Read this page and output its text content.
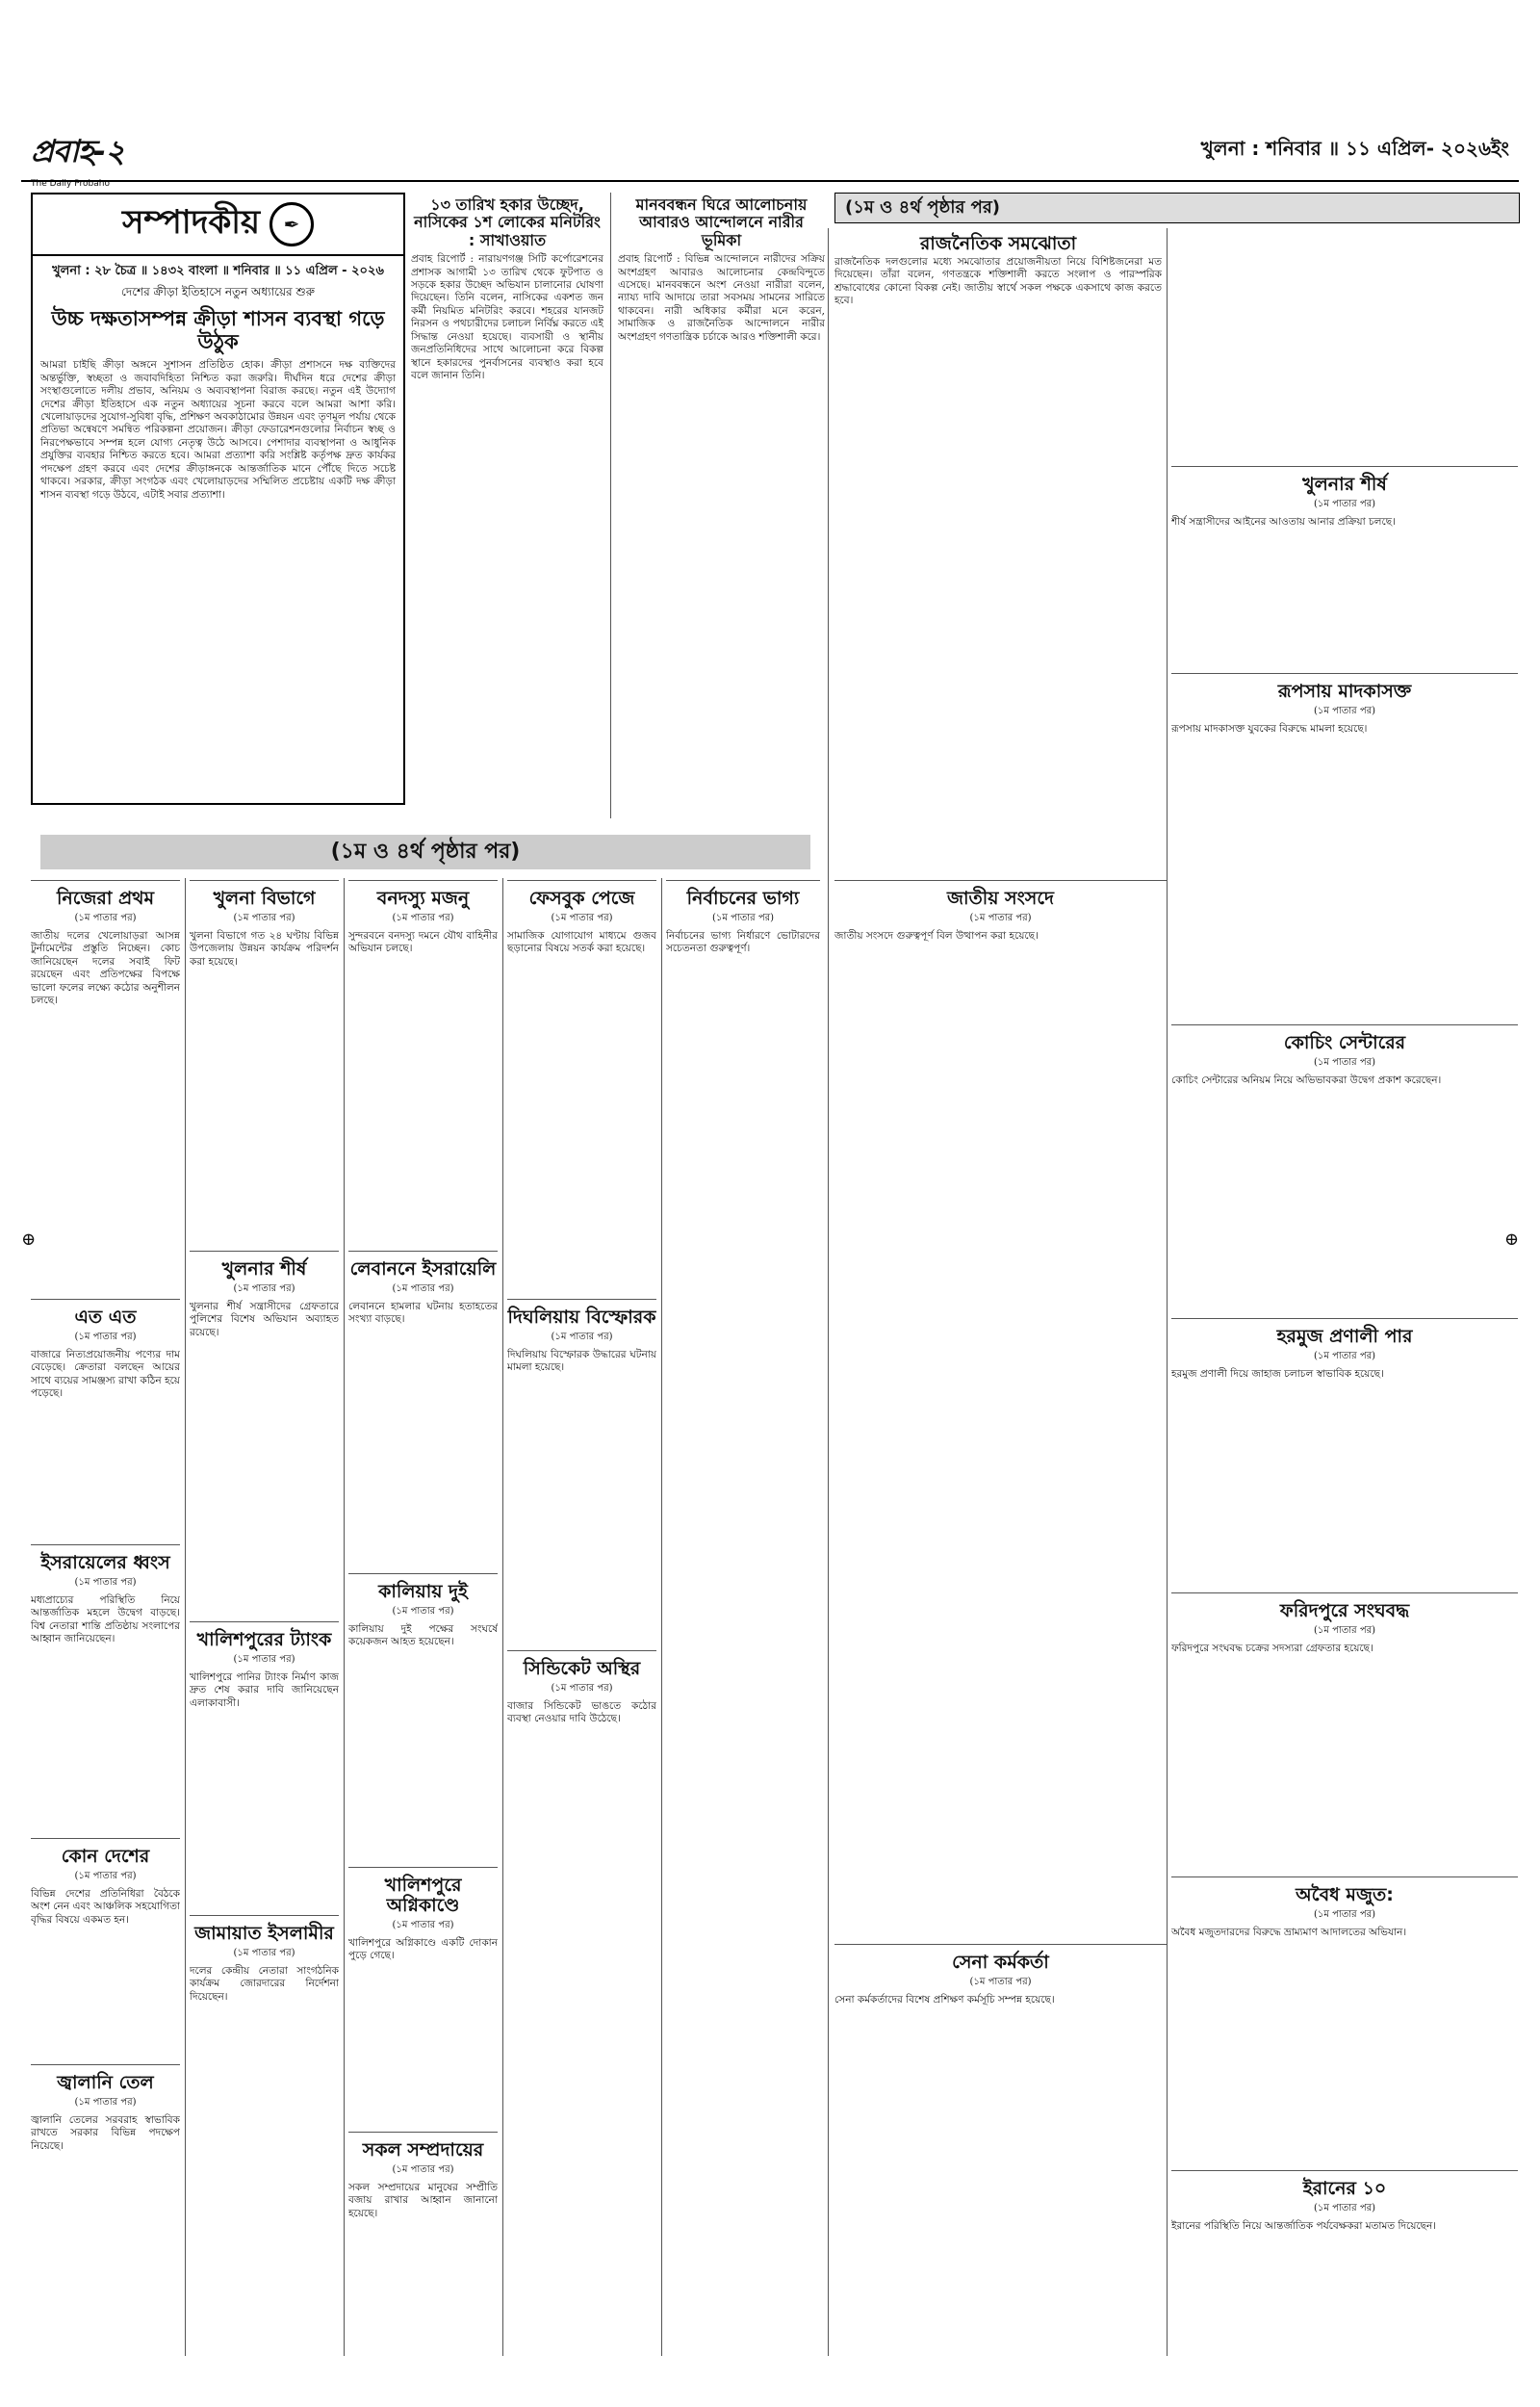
প্রবাহ-২
The Daily Probaho
খুলনা : শনিবার ॥ ১১ এপ্রিল- ২০২৬ইং
সম্পাদকীয়	✒
খুলনা : ২৮ চৈত্র ॥ ১৪৩২ বাংলা ॥ শনিবার ॥ ১১ এপ্রিল - ২০২৬
দেশের ক্রীড়া ইতিহাসে নতুন অধ্যায়ের শুরু
উচ্চ দক্ষতাসম্পন্ন ক্রীড়া শাসন ব্যবস্থা গড়ে উঠুক
আমরা চাইছি ক্রীড়া অঙ্গনে সুশাসন প্রতিষ্ঠিত হোক। ক্রীড়া প্রশাসনে দক্ষ ব্যক্তিদের অন্তর্ভুক্তি, স্বচ্ছতা ও জবাবদিহিতা নিশ্চিত করা জরুরি। দীর্ঘদিন ধরে দেশের ক্রীড়া সংস্থাগুলোতে দলীয় প্রভাব, অনিয়ম ও অব্যবস্থাপনা বিরাজ করছে। নতুন এই উদ্যোগ দেশের ক্রীড়া ইতিহাসে এক নতুন অধ্যায়ের সূচনা করবে বলে আমরা আশা করি। খেলোয়াড়দের সুযোগ-সুবিধা বৃদ্ধি, প্রশিক্ষণ অবকাঠামোর উন্নয়ন এবং তৃণমূল পর্যায় থেকে প্রতিভা অন্বেষণে সমন্বিত পরিকল্পনা প্রয়োজন। ক্রীড়া ফেডারেশনগুলোর নির্বাচন স্বচ্ছ ও নিরপেক্ষভাবে সম্পন্ন হলে যোগ্য নেতৃত্ব উঠে আসবে। পেশাদার ব্যবস্থাপনা ও আধুনিক প্রযুক্তির ব্যবহার নিশ্চিত করতে হবে। আমরা প্রত্যাশা করি সংশ্লিষ্ট কর্তৃপক্ষ দ্রুত কার্যকর পদক্ষেপ গ্রহণ করবে এবং দেশের ক্রীড়াঙ্গনকে আন্তর্জাতিক মানে পৌঁছে দিতে সচেষ্ট থাকবে। সরকার, ক্রীড়া সংগঠক এবং খেলোয়াড়দের সম্মিলিত প্রচেষ্টায় একটি দক্ষ ক্রীড়া শাসন ব্যবস্থা গড়ে উঠবে, এটাই সবার প্রত্যাশা।
১৩ তারিখ হকার উচ্ছেদ, নাসিকের ১শ লোকের মনিটরিং : সাখাওয়াত
প্রবাহ রিপোর্ট : নারায়ণগঞ্জ সিটি কর্পোরেশনের প্রশাসক আগামী ১৩ তারিখ থেকে ফুটপাত ও সড়কে হকার উচ্ছেদ অভিযান চালানোর ঘোষণা দিয়েছেন। তিনি বলেন, নাসিকের একশত জন কর্মী নিয়মিত মনিটরিং করবে। শহরের যানজট নিরসন ও পথচারীদের চলাচল নির্বিঘ্ন করতে এই সিদ্ধান্ত নেওয়া হয়েছে। ব্যবসায়ী ও স্থানীয় জনপ্রতিনিধিদের সাথে আলোচনা করে বিকল্প স্থানে হকারদের পুনর্বাসনের ব্যবস্থাও করা হবে বলে জানান তিনি।
মানববন্ধন ঘিরে আলোচনায় আবারও আন্দোলনে নারীর ভূমিকা
প্রবাহ রিপোর্ট : বিভিন্ন আন্দোলনে নারীদের সক্রিয় অংশগ্রহণ আবারও আলোচনার কেন্দ্রবিন্দুতে এসেছে। মানববন্ধনে অংশ নেওয়া নারীরা বলেন, ন্যায্য দাবি আদায়ে তারা সবসময় সামনের সারিতে থাকবেন। নারী অধিকার কর্মীরা মনে করেন, সামাজিক ও রাজনৈতিক আন্দোলনে নারীর অংশগ্রহণ গণতান্ত্রিক চর্চাকে আরও শক্তিশালী করে।
(১ম ও ৪র্থ পৃষ্ঠার পর)
রাজনৈতিক সমঝোতা
রাজনৈতিক দলগুলোর মধ্যে সমঝোতার প্রয়োজনীয়তা নিয়ে বিশিষ্টজনেরা মত দিয়েছেন। তাঁরা বলেন, গণতন্ত্রকে শক্তিশালী করতে সংলাপ ও পারস্পরিক শ্রদ্ধাবোধের কোনো বিকল্প নেই। জাতীয় স্বার্থে সকল পক্ষকে একসাথে কাজ করতে হবে।
(১ম ও ৪র্থ পৃষ্ঠার পর)
⊕	⊕
নিজেরা প্রথম
(১ম পাতার পর)
জাতীয় দলের খেলোয়াড়রা আসন্ন টুর্নামেন্টের প্রস্তুতি নিচ্ছেন। কোচ জানিয়েছেন দলের সবাই ফিট রয়েছেন এবং প্রতিপক্ষের বিপক্ষে ভালো ফলের লক্ষ্যে কঠোর অনুশীলন চলছে।
এত এত
(১ম পাতার পর)
বাজারে নিত্যপ্রয়োজনীয় পণ্যের দাম বেড়েছে। ক্রেতারা বলছেন আয়ের সাথে ব্যয়ের সামঞ্জস্য রাখা কঠিন হয়ে পড়েছে।
ইসরায়েলের ধ্বংস
(১ম পাতার পর)
মধ্যপ্রাচ্যের পরিস্থিতি নিয়ে আন্তর্জাতিক মহলে উদ্বেগ বাড়ছে। বিশ্ব নেতারা শান্তি প্রতিষ্ঠায় সংলাপের আহ্বান জানিয়েছেন।
কোন দেশের
(১ম পাতার পর)
বিভিন্ন দেশের প্রতিনিধিরা বৈঠকে অংশ নেন এবং আঞ্চলিক সহযোগিতা বৃদ্ধির বিষয়ে একমত হন।
জ্বালানি তেল
(১ম পাতার পর)
জ্বালানি তেলের সরবরাহ স্বাভাবিক রাখতে সরকার বিভিন্ন পদক্ষেপ নিয়েছে।
খুলনা বিভাগে
(১ম পাতার পর)
খুলনা বিভাগে গত ২৪ ঘণ্টায় বিভিন্ন উপজেলায় উন্নয়ন কার্যক্রম পরিদর্শন করা হয়েছে।
খুলনার শীর্ষ
(১ম পাতার পর)
খুলনার শীর্ষ সন্ত্রাসীদের গ্রেফতারে পুলিশের বিশেষ অভিযান অব্যাহত রয়েছে।
খালিশপুরের ট্যাংক
(১ম পাতার পর)
খালিশপুরে পানির ট্যাংক নির্মাণ কাজ দ্রুত শেষ করার দাবি জানিয়েছেন এলাকাবাসী।
জামায়াত ইসলামীর
(১ম পাতার পর)
দলের কেন্দ্রীয় নেতারা সাংগঠনিক কার্যক্রম জোরদারের নির্দেশনা দিয়েছেন।
বনদস্যু মজনু
(১ম পাতার পর)
সুন্দরবনে বনদস্যু দমনে যৌথ বাহিনীর অভিযান চলছে।
লেবাননে ইসরায়েলি
(১ম পাতার পর)
লেবাননে হামলার ঘটনায় হতাহতের সংখ্যা বাড়ছে।
কালিয়ায় দুই
(১ম পাতার পর)
কালিয়ায় দুই পক্ষের সংঘর্ষে কয়েকজন আহত হয়েছেন।
খালিশপুরে অগ্নিকাণ্ডে
(১ম পাতার পর)
খালিশপুরে অগ্নিকাণ্ডে একটি দোকান পুড়ে গেছে।
সকল সম্প্রদায়ের
(১ম পাতার পর)
সকল সম্প্রদায়ের মানুষের সম্প্রীতি বজায় রাখার আহ্বান জানানো হয়েছে।
ফেসবুক পেজে
(১ম পাতার পর)
সামাজিক যোগাযোগ মাধ্যমে গুজব ছড়ানোর বিষয়ে সতর্ক করা হয়েছে।
দিঘলিয়ায় বিস্ফোরক
(১ম পাতার পর)
দিঘলিয়ায় বিস্ফোরক উদ্ধারের ঘটনায় মামলা হয়েছে।
সিন্ডিকেট অস্থির
(১ম পাতার পর)
বাজার সিন্ডিকেট ভাঙতে কঠোর ব্যবস্থা নেওয়ার দাবি উঠেছে।
নির্বাচনের ভাগ্য
(১ম পাতার পর)
নির্বাচনের ভাগ্য নির্ধারণে ভোটারদের সচেতনতা গুরুত্বপূর্ণ।
জাতীয় সংসদে
(১ম পাতার পর)
জাতীয় সংসদে গুরুত্বপূর্ণ বিল উত্থাপন করা হয়েছে।
খুলনার শীর্ষ
(১ম পাতার পর)
শীর্ষ সন্ত্রাসীদের আইনের আওতায় আনার প্রক্রিয়া চলছে।
রূপসায় মাদকাসক্ত
(১ম পাতার পর)
রূপসায় মাদকাসক্ত যুবকের বিরুদ্ধে মামলা হয়েছে।
কোচিং সেন্টারের
(১ম পাতার পর)
কোচিং সেন্টারের অনিয়ম নিয়ে অভিভাবকরা উদ্বেগ প্রকাশ করেছেন।
হরমুজ প্রণালী পার
(১ম পাতার পর)
হরমুজ প্রণালী দিয়ে জাহাজ চলাচল স্বাভাবিক হয়েছে।
ফরিদপুরে সংঘবদ্ধ
(১ম পাতার পর)
ফরিদপুরে সংঘবদ্ধ চক্রের সদস্যরা গ্রেফতার হয়েছে।
অবৈধ মজুত:
(১ম পাতার পর)
অবৈধ মজুতদারদের বিরুদ্ধে ভ্রাম্যমাণ আদালতের অভিযান।
ইরানের ১০
(১ম পাতার পর)
ইরানের পরিস্থিতি নিয়ে আন্তর্জাতিক পর্যবেক্ষকরা মতামত দিয়েছেন।
সেনা কর্মকর্তা
(১ম পাতার পর)
সেনা কর্মকর্তাদের বিশেষ প্রশিক্ষণ কর্মসূচি সম্পন্ন হয়েছে।
